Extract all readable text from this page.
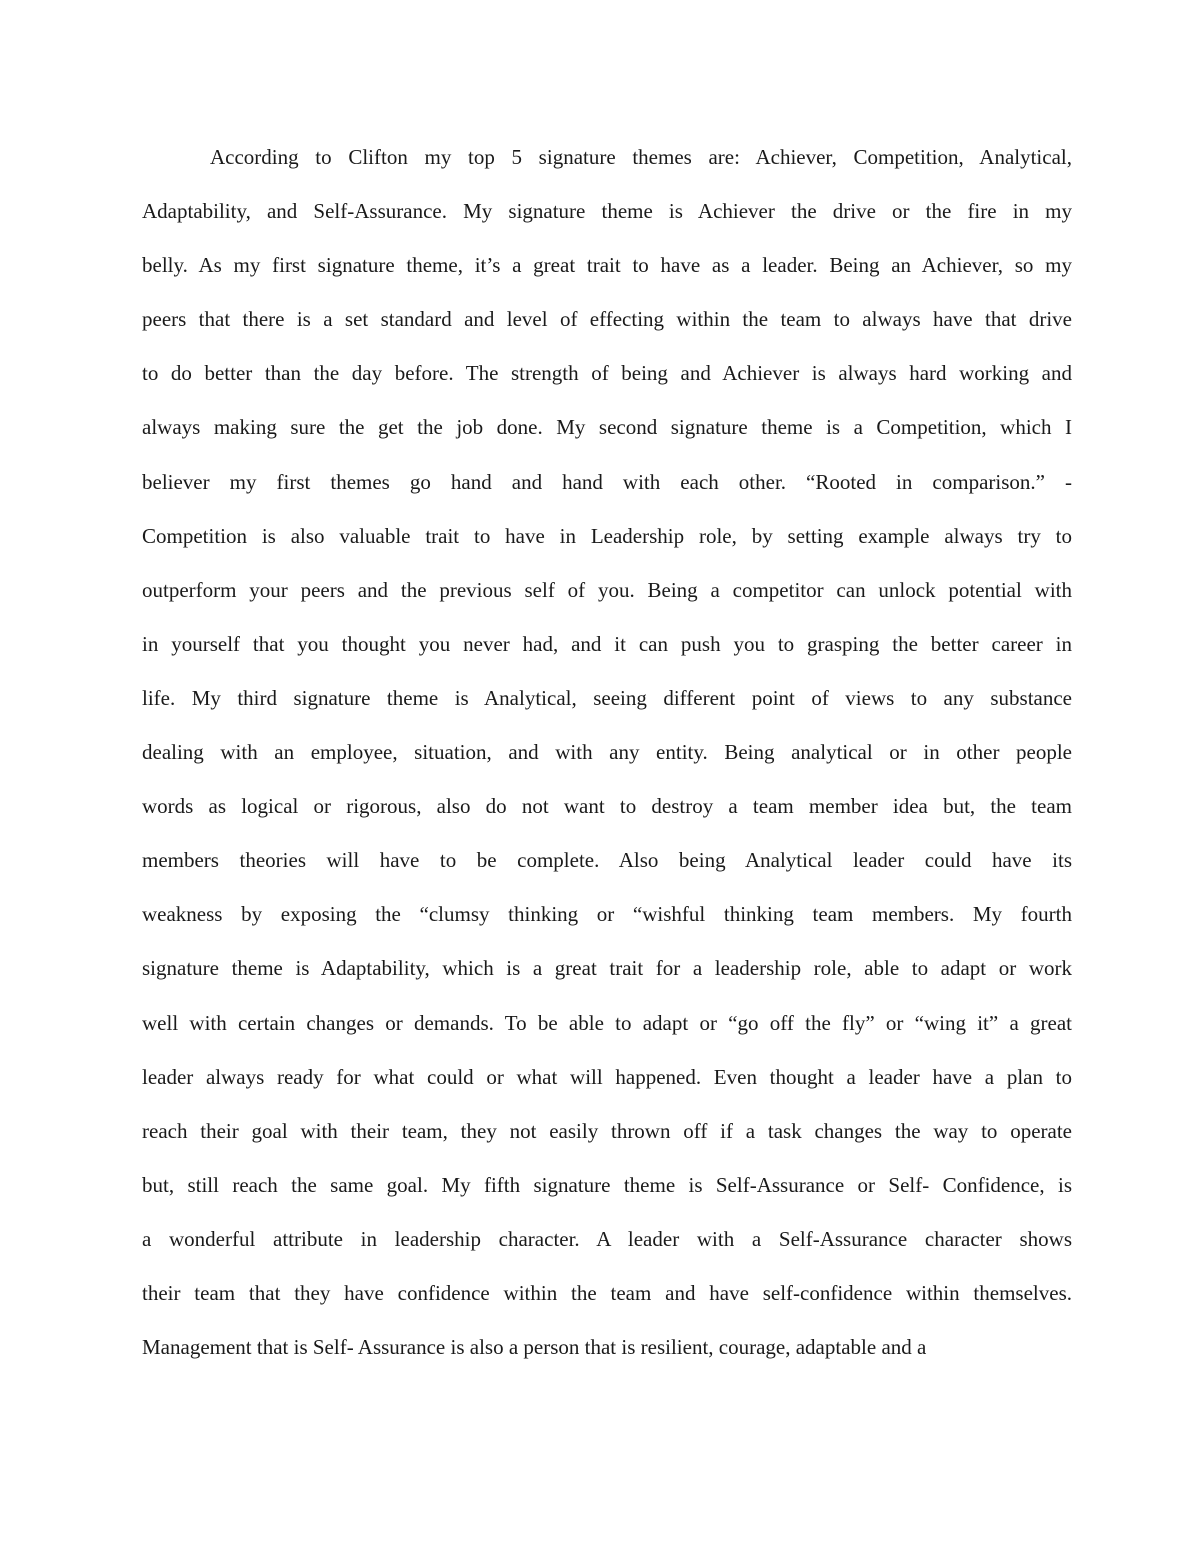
According to Clifton my top 5 signature themes are: Achiever, Competition, Analytical,
Adaptability, and Self-Assurance. My signature theme is Achiever the drive or the fire in my
belly. As my first signature theme, it’s a great trait to have as a leader. Being an Achiever, so my
peers that there is a set standard and level of effecting within the team to always have that drive
to do better than the day before. The strength of being and Achiever is always hard working and
always making sure the get the job done. My second signature theme is a Competition, which I
believer my first themes go hand and hand with each other. “Rooted in comparison.” -
Competition is also valuable trait to have in Leadership role, by setting example always try to
outperform your peers and the previous self of you. Being a competitor can unlock potential with
in yourself that you thought you never had, and it can push you to grasping the better career in
life. My third signature theme is Analytical, seeing different point of views to any substance
dealing with an employee, situation, and with any entity. Being analytical or in other people
words as logical or rigorous, also do not want to destroy a team member idea but, the team
members theories will have to be complete. Also being Analytical leader could have its
weakness by exposing the “clumsy thinking or “wishful thinking team members. My fourth
signature theme is Adaptability, which is a great trait for a leadership role, able to adapt or work
well with certain changes or demands. To be able to adapt or “go off the fly” or “wing it” a great
leader always ready for what could or what will happened. Even thought a leader have a plan to
reach their goal with their team, they not easily thrown off if a task changes the way to operate
but, still reach the same goal. My fifth signature theme is Self-Assurance or Self- Confidence, is
a wonderful attribute in leadership character. A leader with a Self-Assurance character shows
their team that they have confidence within the team and have self-confidence within themselves.
Management that is Self- Assurance is also a person that is resilient, courage, adaptable and a
